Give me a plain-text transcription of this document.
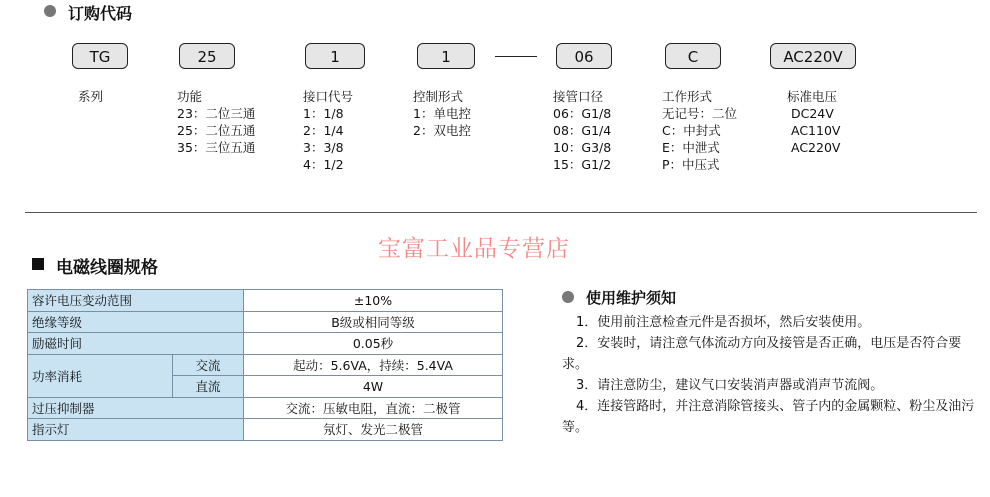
订购代码
TG	25	1	1	06	C	AC220V
系列	功能
23：二位三通
25：二位五通
35：三位五通
接口代号
1：1/8
2：1/4
3：3/8
4：1/2
控制形式
1：单电控
2：双电控
接管口径
06：G1/8
08：G1/4
10：G3/8
15：G1/2
工作形式
无记号：二位
C：中封式
E：中泄式
P：中压式
标准电压
DC24V
AC110V
AC220V
宝富工业品专营店
电磁线圈规格
容许电压变动范围		±10%
绝缘等级		B级或相同等级
励磁时间		0.05秒
功率消耗	交流	起动：5.6VA，持续：5.4VA
	直流	4W
过压抑制器		交流：压敏电阻，直流：二极管
指示灯		氖灯、发光二极管
使用维护须知

1．使用前注意检查元件是否损坏，然后安装使用。

2．安装时，请注意气体流动方向及接管是否正确，电压是否符合要求。

3．请注意防尘，建议气口安装消声器或消声节流阀。

4．连接管路时，并注意消除管接头、管子内的金属颗粒、粉尘及油污等。
